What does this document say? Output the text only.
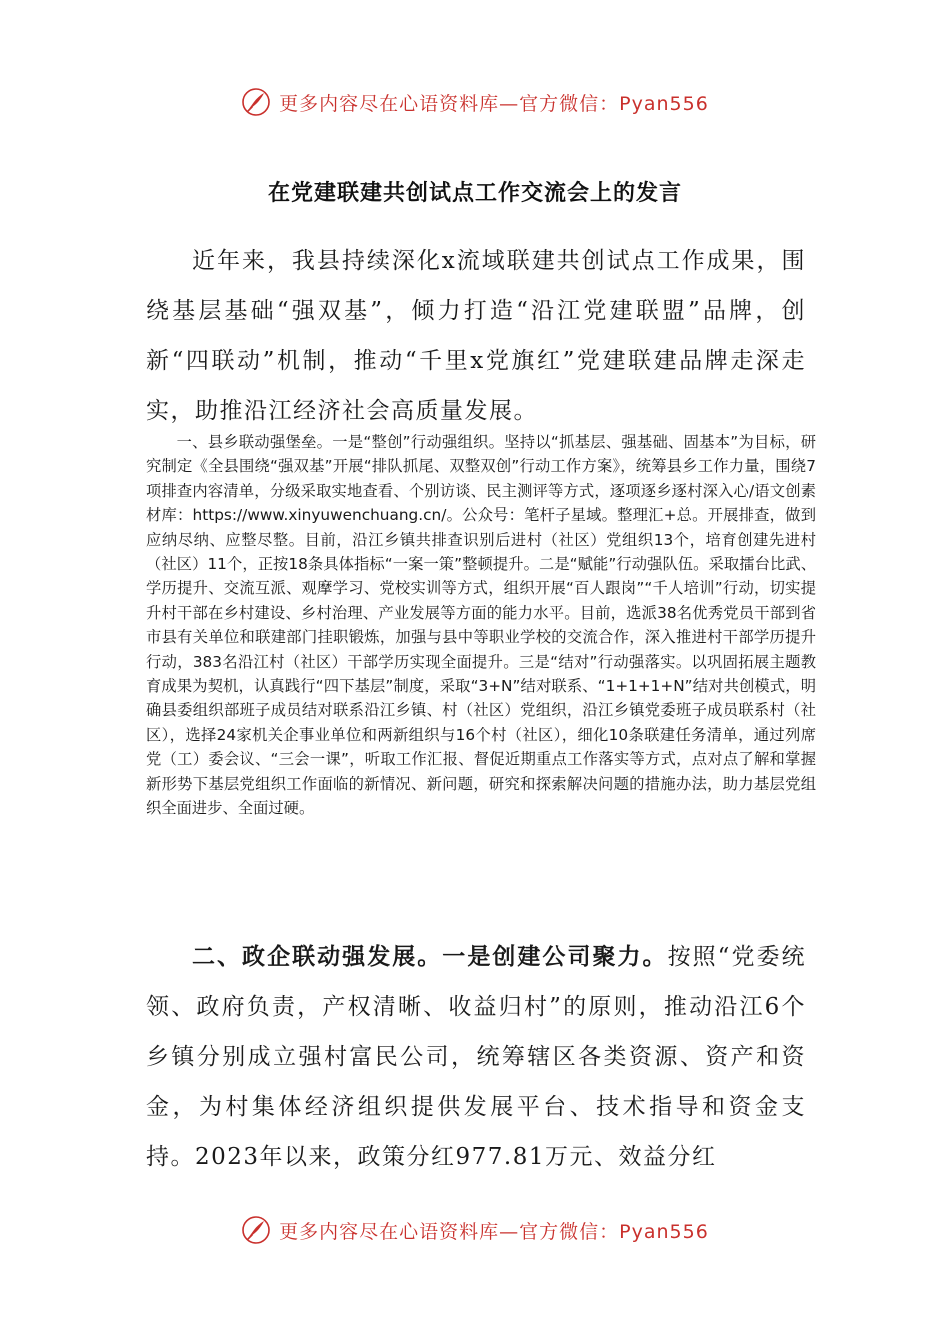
更多内容尽在心语资料库—官方微信：Pyan556
在党建联建共创试点工作交流会上的发言

近年来，我县持续深化x流域联建共创试点工作成果，围绕基层基础“强双基”，倾力打造“沿江党建联盟”品牌，创新“四联动”机制，推动“千里x党旗红”党建联建品牌走深走实，助推沿江经济社会高质量发展。

一、县乡联动强堡垒。一是“整创”行动强组织。坚持以“抓基层、强基础、固基本”为目标，研究制定《全县围绕“强双基”开展“排队抓尾、双整双创”行动工作方案》，统筹县乡工作力量，围绕7项排查内容清单，分级采取实地查看、个别访谈、民主测评等方式，逐项逐乡逐村深入心/语文创素材库：https://www.xinyuwenchuang.cn/。公众号：笔杆子星域。整理汇+总。开展排查，做到应纳尽纳、应整尽整。目前，沿江乡镇共排查识别后进村（社区）党组织13个，培育创建先进村（社区）11个，正按18条具体指标“一案一策”整顿提升。二是“赋能”行动强队伍。采取擂台比武、学历提升、交流互派、观摩学习、党校实训等方式，组织开展“百人跟岗”“千人培训”行动，切实提升村干部在乡村建设、乡村治理、产业发展等方面的能力水平。目前，选派38名优秀党员干部到省市县有关单位和联建部门挂职锻炼，加强与县中等职业学校的交流合作，深入推进村干部学历提升行动，383名沿江村（社区）干部学历实现全面提升。三是“结对”行动强落实。以巩固拓展主题教育成果为契机，认真践行“四下基层”制度，采取“3+N”结对联系、“1+1+1+N”结对共创模式，明确县委组织部班子成员结对联系沿江乡镇、村（社区）党组织，沿江乡镇党委班子成员联系村（社区），选择24家机关企事业单位和两新组织与16个村（社区），细化10条联建任务清单，通过列席党（工）委会议、“三会一课”，听取工作汇报、督促近期重点工作落实等方式，点对点了解和掌握新形势下基层党组织工作面临的新情况、新问题，研究和探索解决问题的措施办法，助力基层党组织全面进步、全面过硬。

二、政企联动强发展。一是创建公司聚力。按照“党委统领、政府负责，产权清晰、收益归村”的原则，推动沿江6个乡镇分别成立强村富民公司，统筹辖区各类资源、资产和资金，为村集体经济组织提供发展平台、技术指导和资金支持。2023年以来，政策分红977.81万元、效益分红

更多内容尽在心语资料库—官方微信：Pyan556
